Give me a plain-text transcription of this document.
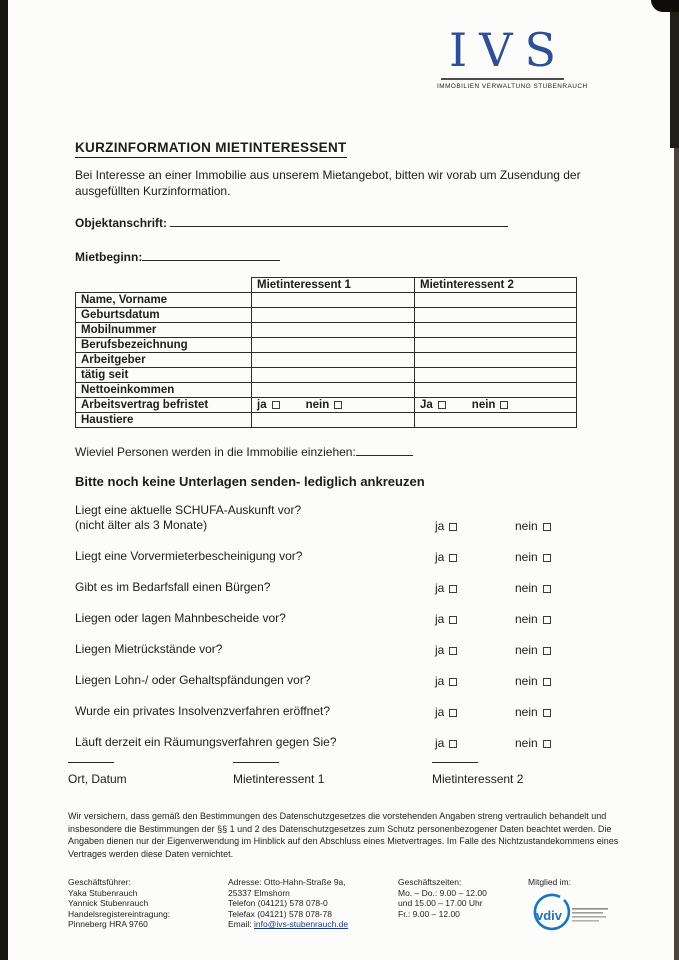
IVS
IMMOBILIEN VERWALTUNG STUBENRAUCH
KURZINFORMATION MIETINTERESSENT

Bei Interesse an einer Immobilie aus unserem Mietangebot, bitten wir vorab um Zusendung der ausgefüllten Kurzinformation.

Objektanschrift:
Mietbeginn:
	Mietinteressent 1	Mietinteressent 2
Name, Vorname		
Geburtsdatum		
Mobilnummer		
Berufsbezeichnung		
Arbeitgeber		
tätig seit		
Nettoeinkommen		
Arbeitsvertrag befristet	ja nein	Ja nein
Haustiere		
Wieviel Personen werden in die Immobilie einziehen:
Bitte noch keine Unterlagen senden- lediglich ankreuzen
Liegt eine aktuelle SCHUFA-Auskunft vor?
(nicht älter als 3 Monate)	ja	nein
Liegt eine Vorvermieterbescheinigung vor?	ja	nein
Gibt es im Bedarfsfall einen Bürgen?	ja	nein
Liegen oder lagen Mahnbescheide vor?	ja	nein
Liegen Mietrückstände vor?	ja	nein
Liegen Lohn-/ oder Gehaltspfändungen vor?	ja	nein
Wurde ein privates Insolvenzverfahren eröffnet?	ja	nein
Läuft derzeit ein Räumungsverfahren gegen Sie?	ja	nein
Ort, Datum	Mietinteressent 1	Mietinteressent 2

Wir versichern, dass gemäß den Bestimmungen des Datenschutzgesetzes die vorstehenden Angaben streng vertraulich behandelt und insbesondere die Bestimmungen der §§ 1 und 2 des Datenschutzgesetzes zum Schutz personenbezogener Daten beachtet werden. Die Angaben dienen nur der Eigenverwendung im Hinblick auf den Abschluss eines Mietvertrages. Im Falle des Nichtzustandekommens eines Vertrages werden diese Daten vernichtet.

Geschäftsführer:
Yaka Stubenrauch
Yannick Stubenrauch
Handelsregistereintragung:
Pinneberg HRA 9760
Adresse: Otto-Hahn-Straße 9a,
25337 Elmshorn
Telefon (04121) 578 078-0
Telefax (04121) 578 078-78
Email: info@ivs-stubenrauch.de
Geschäftszeiten:
Mo. – Do.: 9.00 – 12.00
und 15.00 – 17.00 Uhr
Fr.: 9.00 – 12.00
Mitglied im:
vdiv
